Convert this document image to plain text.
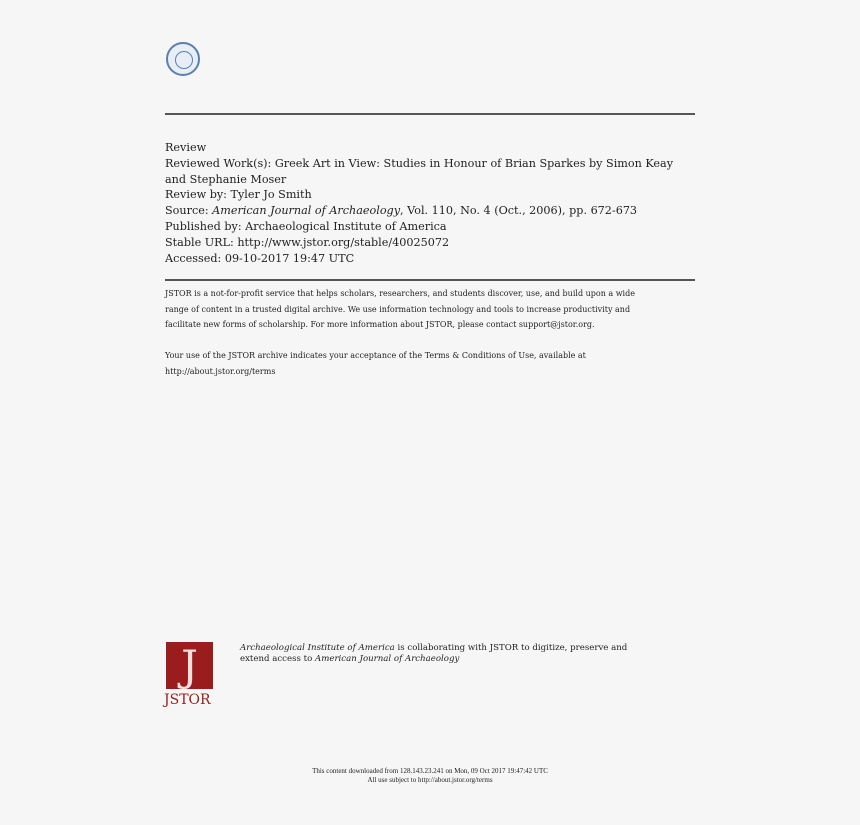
Review
Reviewed Work(s): Greek Art in View: Studies in Honour of Brian Sparkes by Simon Keay
and Stephanie Moser
Review by: Tyler Jo Smith
Source: American Journal of Archaeology, Vol. 110, No. 4 (Oct., 2006), pp. 672-673
Published by: Archaeological Institute of America
Stable URL: http://www.jstor.org/stable/40025072
Accessed: 09-10-2017 19:47 UTC
JSTOR is a not-for-profit service that helps scholars, researchers, and students discover, use, and build upon a wide
range of content in a trusted digital archive. We use information technology and tools to increase productivity and
facilitate new forms of scholarship. For more information about JSTOR, please contact support@jstor.org.
Your use of the JSTOR archive indicates your acceptance of the Terms & Conditions of Use, available at
http://about.jstor.org/terms
J
JSTOR
Archaeological Institute of America is collaborating with JSTOR to digitize, preserve and
extend access to American Journal of Archaeology
This content downloaded from 128.143.23.241 on Mon, 09 Oct 2017 19:47:42 UTC
All use subject to http://about.jstor.org/terms
